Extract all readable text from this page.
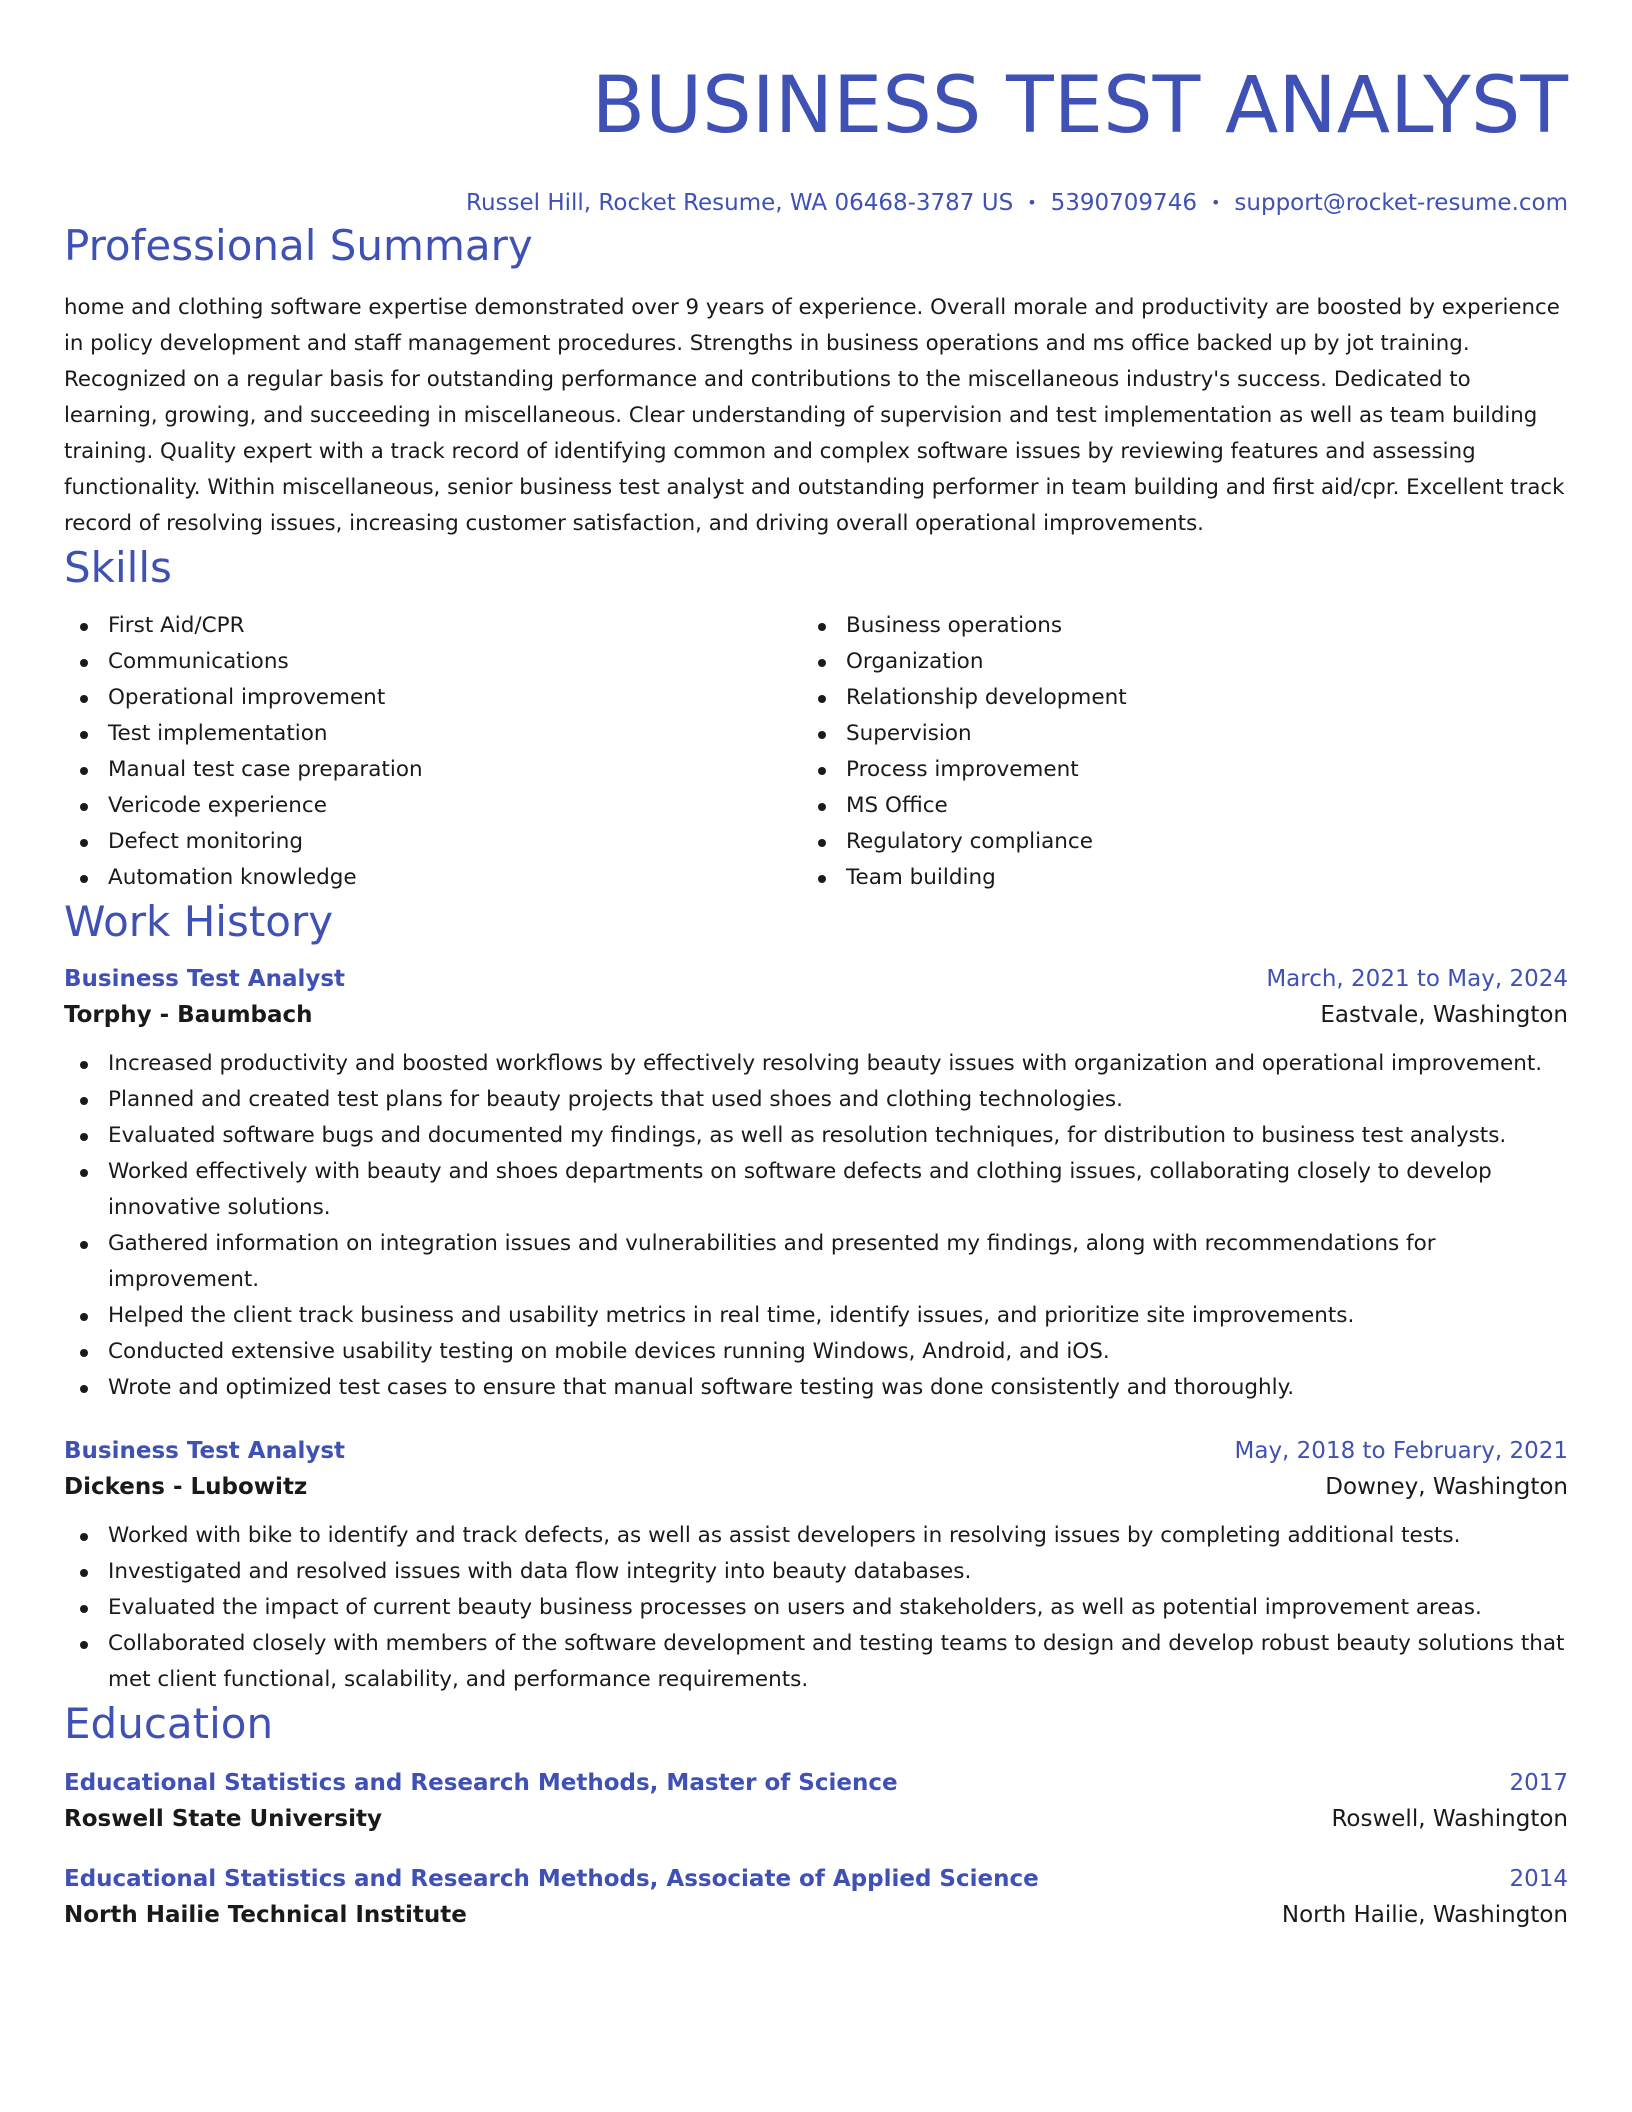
BUSINESS TEST ANALYST
Russel Hill, Rocket Resume, WA 06468-3787 US • 5390709746 • support@rocket-resume.com
Professional Summary
home and clothing software expertise demonstrated over 9 years of experience. Overall morale and productivity are boosted by experience in policy development and staff management procedures. Strengths in business operations and ms office backed up by jot training. Recognized on a regular basis for outstanding performance and contributions to the miscellaneous industry's success. Dedicated to learning, growing, and succeeding in miscellaneous. Clear understanding of supervision and test implementation as well as team building training. Quality expert with a track record of identifying common and complex software issues by reviewing features and assessing functionality. Within miscellaneous, senior business test analyst and outstanding performer in team building and first aid/cpr. Excellent track record of resolving issues, increasing customer satisfaction, and driving overall operational improvements.
Skills
First Aid/CPR
Communications
Operational improvement
Test implementation
Manual test case preparation
Vericode experience
Defect monitoring
Automation knowledge
Business operations
Organization
Relationship development
Supervision
Process improvement
MS Office
Regulatory compliance
Team building
Work History
Business Test Analyst	March, 2021 to May, 2024
Torphy - Baumbach	Eastvale, Washington
Increased productivity and boosted workflows by effectively resolving beauty issues with organization and operational improvement.
Planned and created test plans for beauty projects that used shoes and clothing technologies.
Evaluated software bugs and documented my findings, as well as resolution techniques, for distribution to business test analysts.
Worked effectively with beauty and shoes departments on software defects and clothing issues, collaborating closely to develop innovative solutions.
Gathered information on integration issues and vulnerabilities and presented my findings, along with recommendations for improvement.
Helped the client track business and usability metrics in real time, identify issues, and prioritize site improvements.
Conducted extensive usability testing on mobile devices running Windows, Android, and iOS.
Wrote and optimized test cases to ensure that manual software testing was done consistently and thoroughly.
Business Test Analyst	May, 2018 to February, 2021
Dickens - Lubowitz	Downey, Washington
Worked with bike to identify and track defects, as well as assist developers in resolving issues by completing additional tests.
Investigated and resolved issues with data flow integrity into beauty databases.
Evaluated the impact of current beauty business processes on users and stakeholders, as well as potential improvement areas.
Collaborated closely with members of the software development and testing teams to design and develop robust beauty solutions that met client functional, scalability, and performance requirements.
Education
Educational Statistics and Research Methods, Master of Science	2017
Roswell State University	Roswell, Washington
Educational Statistics and Research Methods, Associate of Applied Science	2014
North Hailie Technical Institute	North Hailie, Washington
